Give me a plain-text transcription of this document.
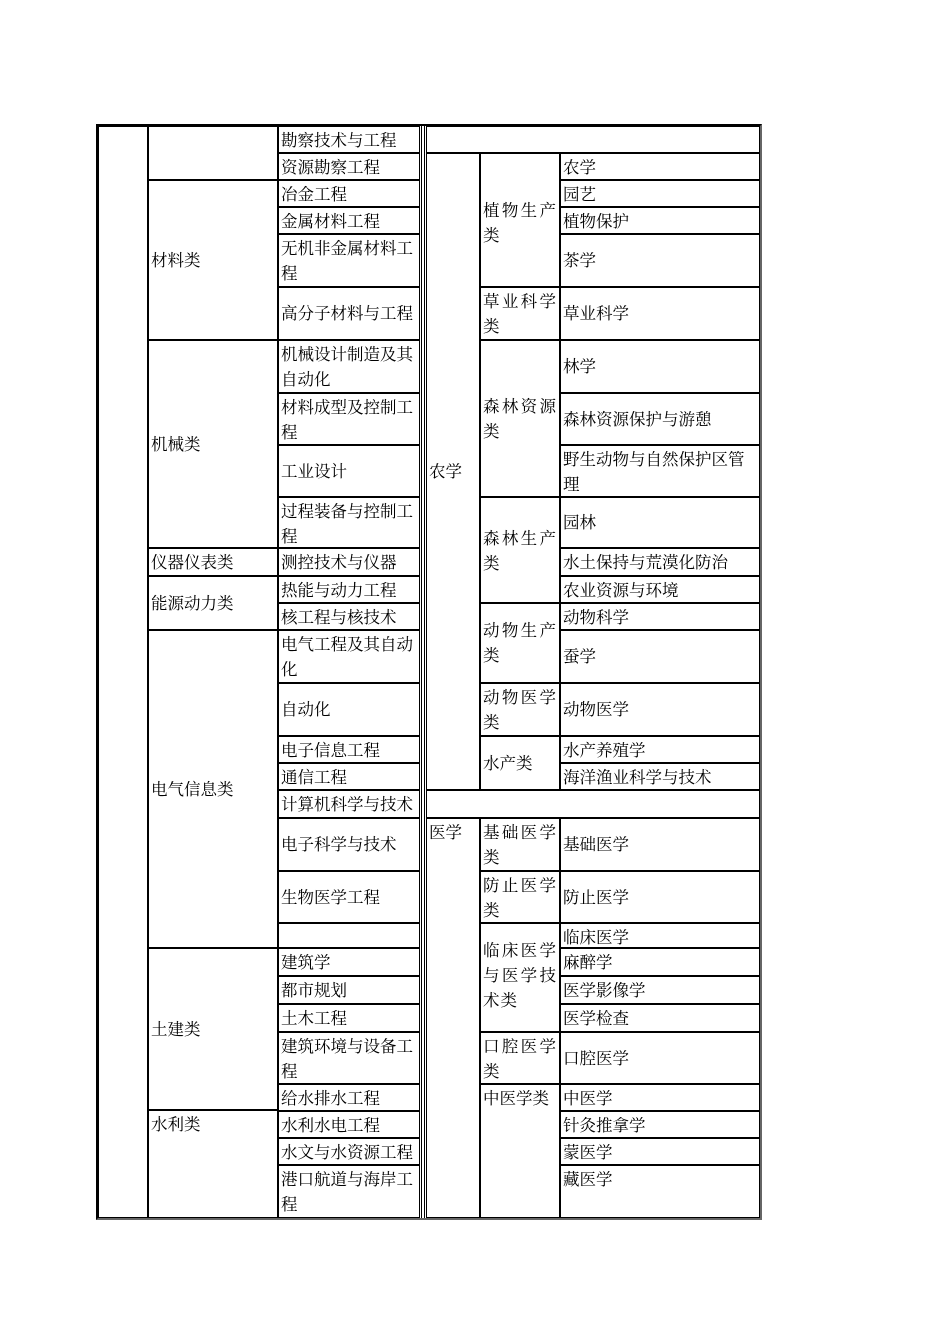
材料类
机械类
仪器仪表类
能源动力类
电气信息类
土建类
水利类
勘察技术与工程
资源勘察工程
冶金工程
金属材料工程
无机非金属材料工程
高分子材料与工程
机械设计制造及其自动化
材料成型及控制工程
工业设计
过程装备与控制工程
测控技术与仪器
热能与动力工程
核工程与核技术
电气工程及其自动化
自动化
电子信息工程
通信工程
计算机科学与技术
电子科学与技术
生物医学工程
建筑学
都市规划
土木工程
建筑环境与设备工程
给水排水工程
水利水电工程
水文与水资源工程
港口航道与海岸工程
农学
植物生产类
农学
园艺
植物保护
茶学
草业科学类
草业科学
森林资源类
林学
森林资源保护与游憩
野生动物与自然保护区管理
森林生产类
园林
水土保持与荒漠化防治
农业资源与环境
动物生产类
动物科学
蚕学
动物医学类
动物医学
水产类
水产养殖学
海洋渔业科学与技术
医学	基础医学类
基础医学
防止医学类
防止医学
临床医学与医学技术类
临床医学
麻醉学
医学影像学
医学检查
口腔医学类
口腔医学
中医学类 中医学
针灸推拿学
蒙医学
藏医学
